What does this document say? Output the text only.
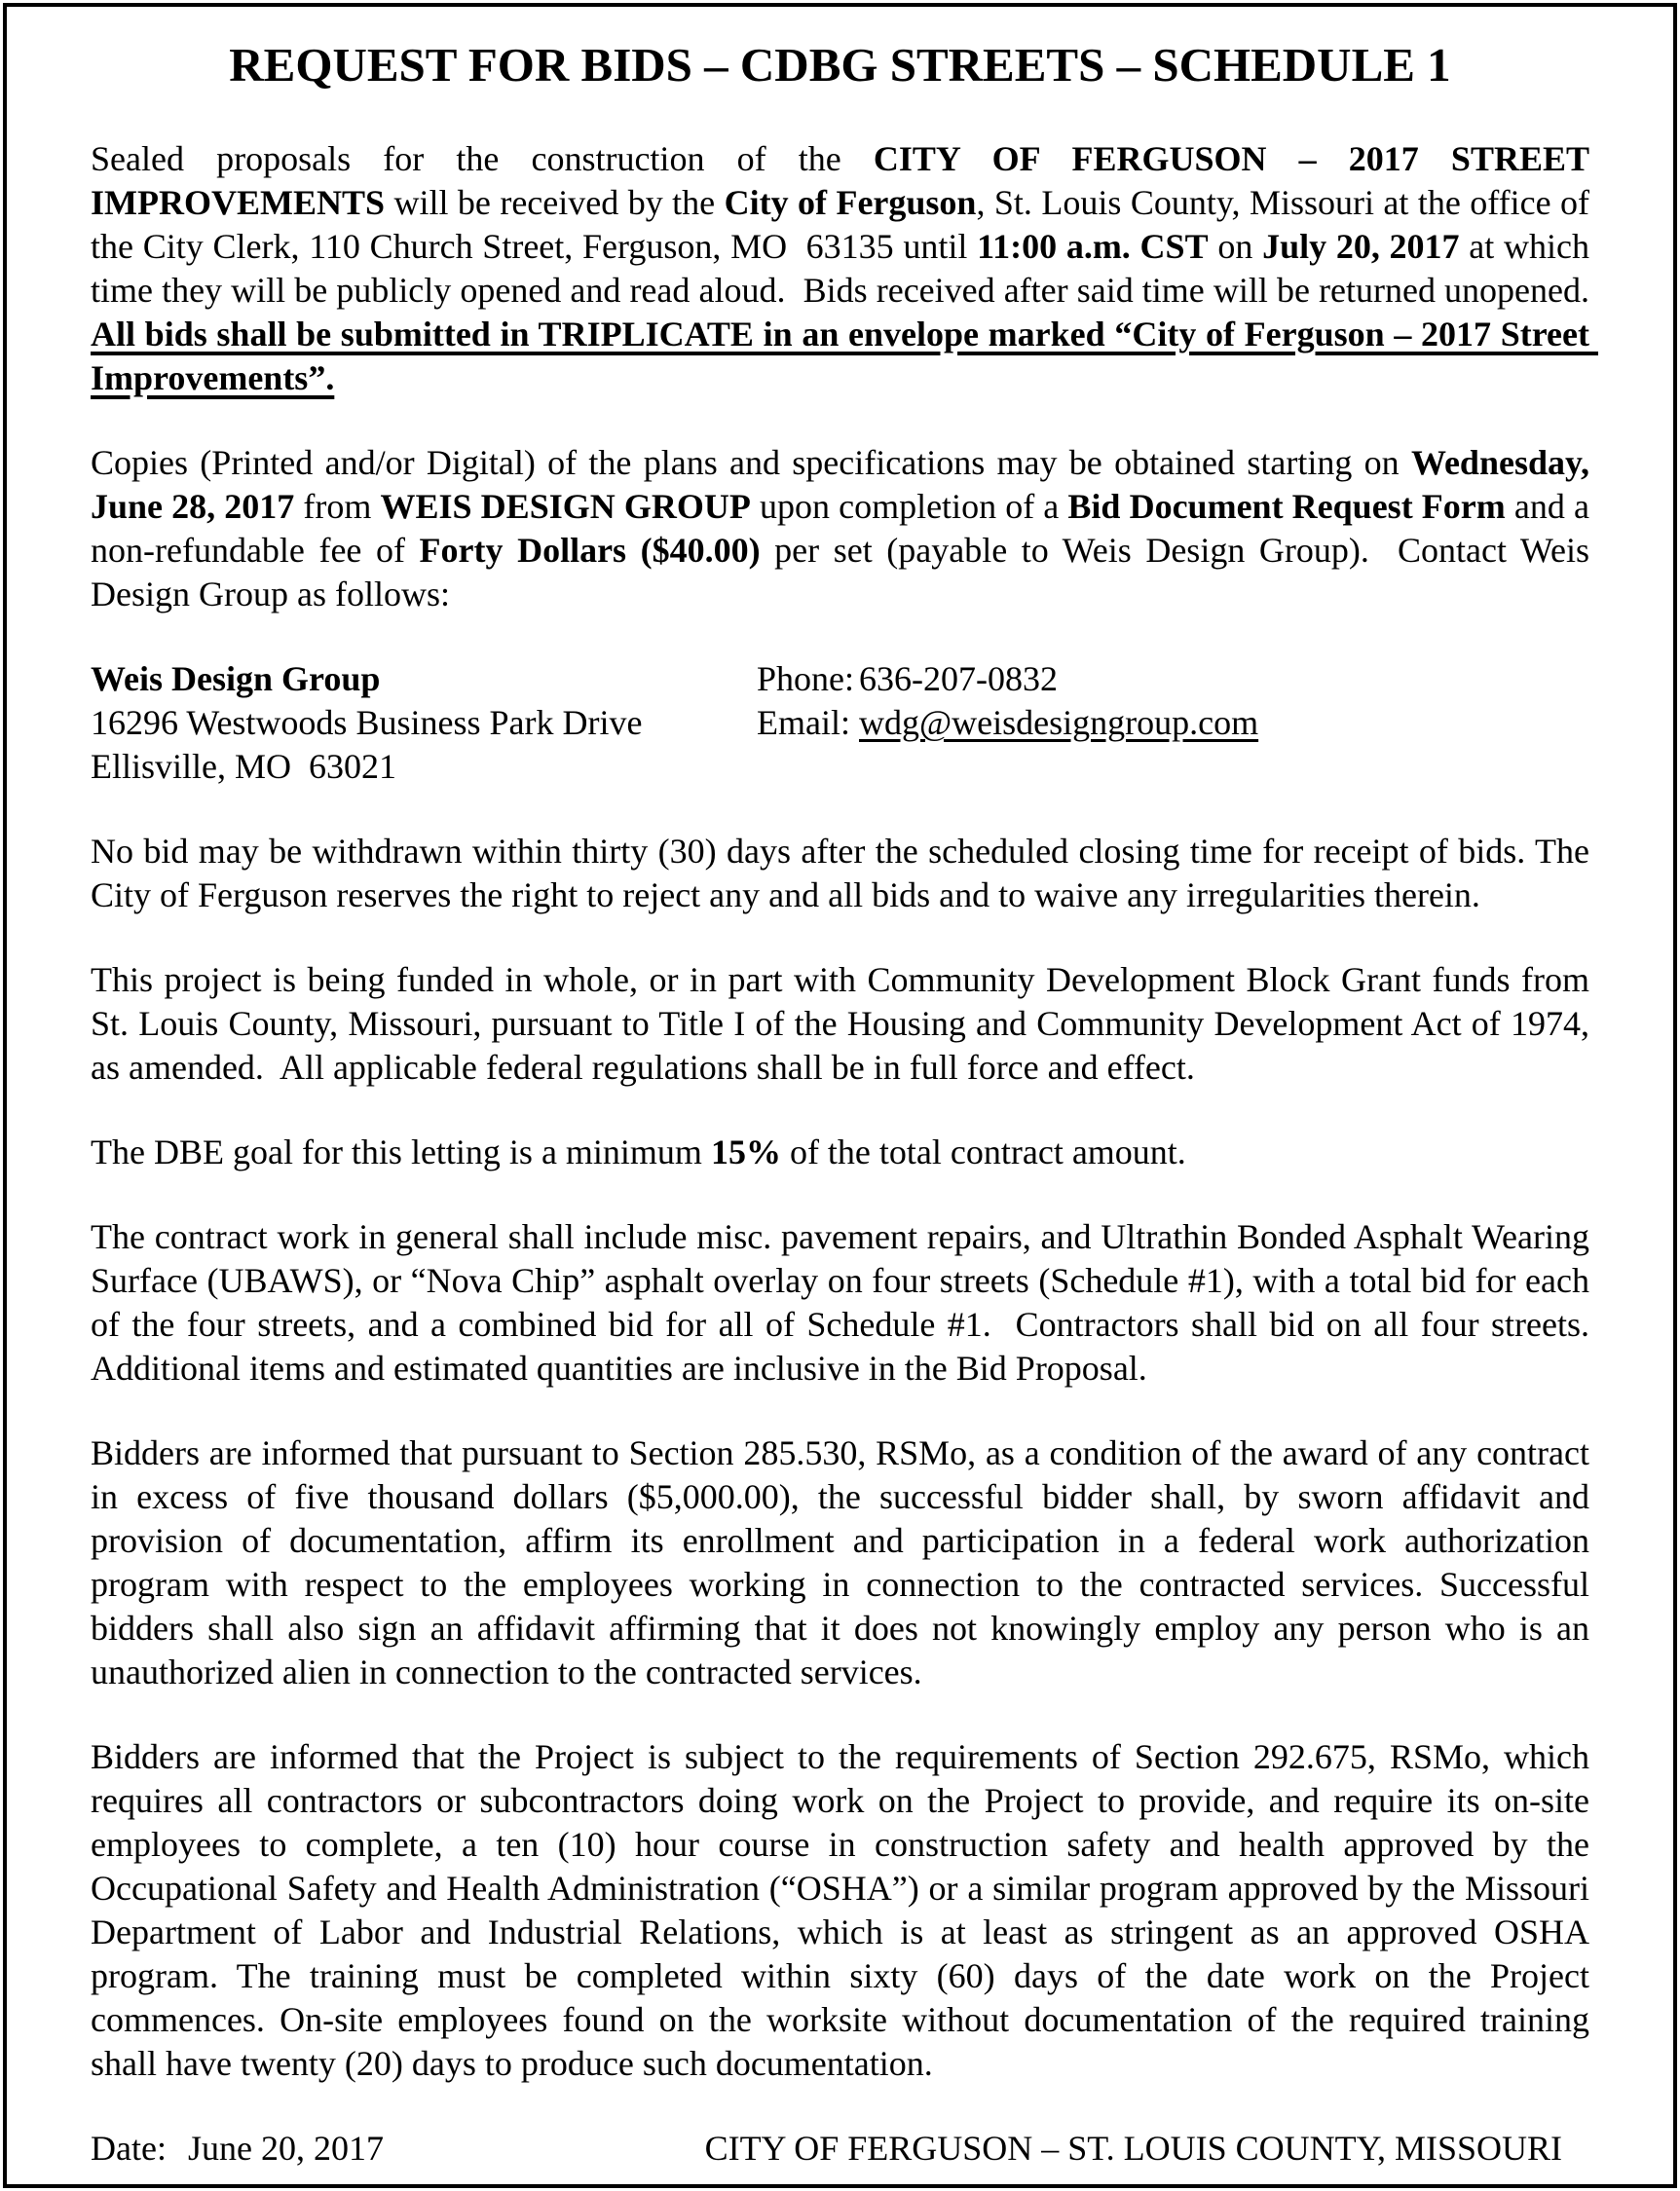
REQUEST FOR BIDS – CDBG STREETS – SCHEDULE 1

Sealed proposals for the construction of the CITY OF FERGUSON – 2017 STREET IMPROVEMENTS will be received by the City of Ferguson, St. Louis County, Missouri at the office of the City Clerk, 110 Church Street, Ferguson, MO  63135 until 11:00 a.m. CST on July 20, 2017 at which time they will be publicly opened and read aloud.  Bids received after said time will be returned unopened.  All bids shall be submitted in TRIPLICATE in an envelope marked “City of Ferguson – 2017 Street Improvements”.

Copies (Printed and/or Digital) of the plans and specifications may be obtained starting on Wednesday, June 28, 2017 from WEIS DESIGN GROUP upon completion of a Bid Document Request Form and a non-refundable fee of Forty Dollars ($40.00) per set (payable to Weis Design Group).  Contact Weis Design Group as follows:

Weis Design Group
16296 Westwoods Business Park Drive
Ellisville, MO  63021
Phone: 636-207-0832
Email: wdg@weisdesigngroup.com

No bid may be withdrawn within thirty (30) days after the scheduled closing time for receipt of bids. The City of Ferguson reserves the right to reject any and all bids and to waive any irregularities therein.

This project is being funded in whole, or in part with Community Development Block Grant funds from St. Louis County, Missouri, pursuant to Title I of the Housing and Community Development Act of 1974, as amended.  All applicable federal regulations shall be in full force and effect.

The DBE goal for this letting is a minimum 15% of the total contract amount.

The contract work in general shall include misc. pavement repairs, and Ultrathin Bonded Asphalt Wearing Surface (UBAWS), or “Nova Chip” asphalt overlay on four streets (Schedule #1), with a total bid for each of the four streets, and a combined bid for all of Schedule #1.  Contractors shall bid on all four streets.  Additional items and estimated quantities are inclusive in the Bid Proposal.

Bidders are informed that pursuant to Section 285.530, RSMo, as a condition of the award of any contract in excess of five thousand dollars ($5,000.00), the successful bidder shall, by sworn affidavit and provision of documentation, affirm its enrollment and participation in a federal work authorization program with respect to the employees working in connection to the contracted services. Successful bidders shall also sign an affidavit affirming that it does not knowingly employ any person who is an unauthorized alien in connection to the contracted services.

Bidders are informed that the Project is subject to the requirements of Section 292.675, RSMo, which requires all contractors or subcontractors doing work on the Project to provide, and require its on-site employees to complete, a ten (10) hour course in construction safety and health approved by the Occupational Safety and Health Administration (“OSHA”) or a similar program approved by the Missouri Department of Labor and Industrial Relations, which is at least as stringent as an approved OSHA program. The training must be completed within sixty (60) days of the date work on the Project commences. On-site employees found on the worksite without documentation of the required training shall have twenty (20) days to produce such documentation.

Date: June 20, 2017	CITY OF FERGUSON – ST. LOUIS COUNTY, MISSOURI
